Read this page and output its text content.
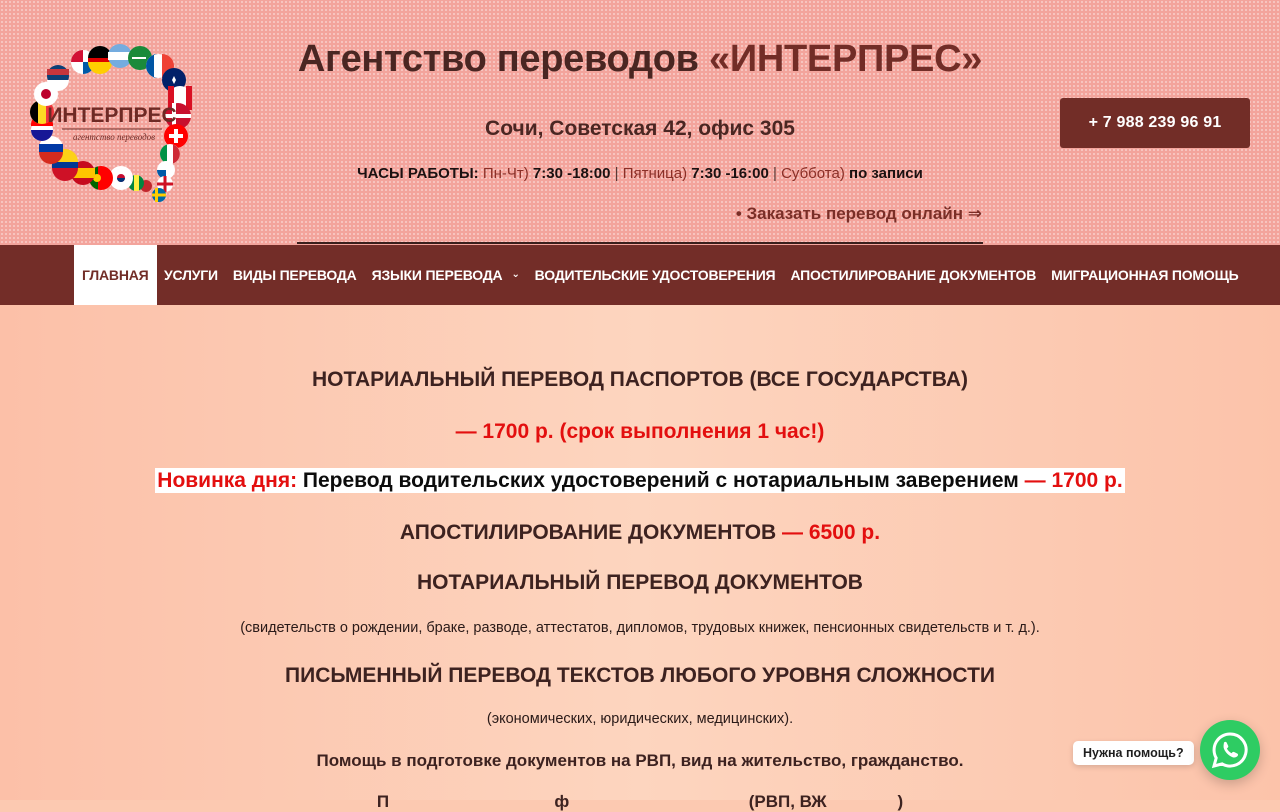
ИНТЕРПРЕС
агентство переводов
Агентство переводов «ИНТЕРПРЕС»
Сочи, Советская 42, офис 305
ЧАСЫ РАБОТЫ: Пн-Чт) 7:30 -18:00 | Пятница) 7:30 -16:00 | Суббота) по записи
• Заказать перевод онлайн ⇒
+ 7 988 239 96 91
ГЛАВНАЯ УСЛУГИ ВИДЫ ПЕРЕВОДА ЯЗЫКИ ПЕРЕВОДА ⌄ ВОДИТЕЛЬСКИЕ УДОСТОВЕРЕНИЯ АПОСТИЛИРОВАНИЕ ДОКУМЕНТОВ МИГРАЦИОННАЯ ПОМОЩЬ
НОТАРИАЛЬНЫЙ ПЕРЕВОД ПАСПОРТОВ (ВСЕ ГОСУДАРСТВА)
— 1700 р. (срок выполнения 1 час!)
Новинка дня: Перевод водительских удостоверений с нотариальным заверением — 1700 р.
АПОСТИЛИРОВАНИЕ ДОКУМЕНТОВ — 6500 р.
НОТАРИАЛЬНЫЙ ПЕРЕВОД ДОКУМЕНТОВ
(свидетельств о рождении, браке, разводе, аттестатов, дипломов, трудовых книжек, пенсионных свидетельств и т. д.).
ПИСЬМЕННЫЙ ПЕРЕВОД ТЕКСТОВ ЛЮБОГО УРОВНЯ СЛОЖНОСТИ
(экономических, юридических, медицинских).
Помощь в подготовке документов на РВП, вид на жительство, гражданство.
П                                   ф                                      (РВП, ВЖ               )
Нужна помощь?
